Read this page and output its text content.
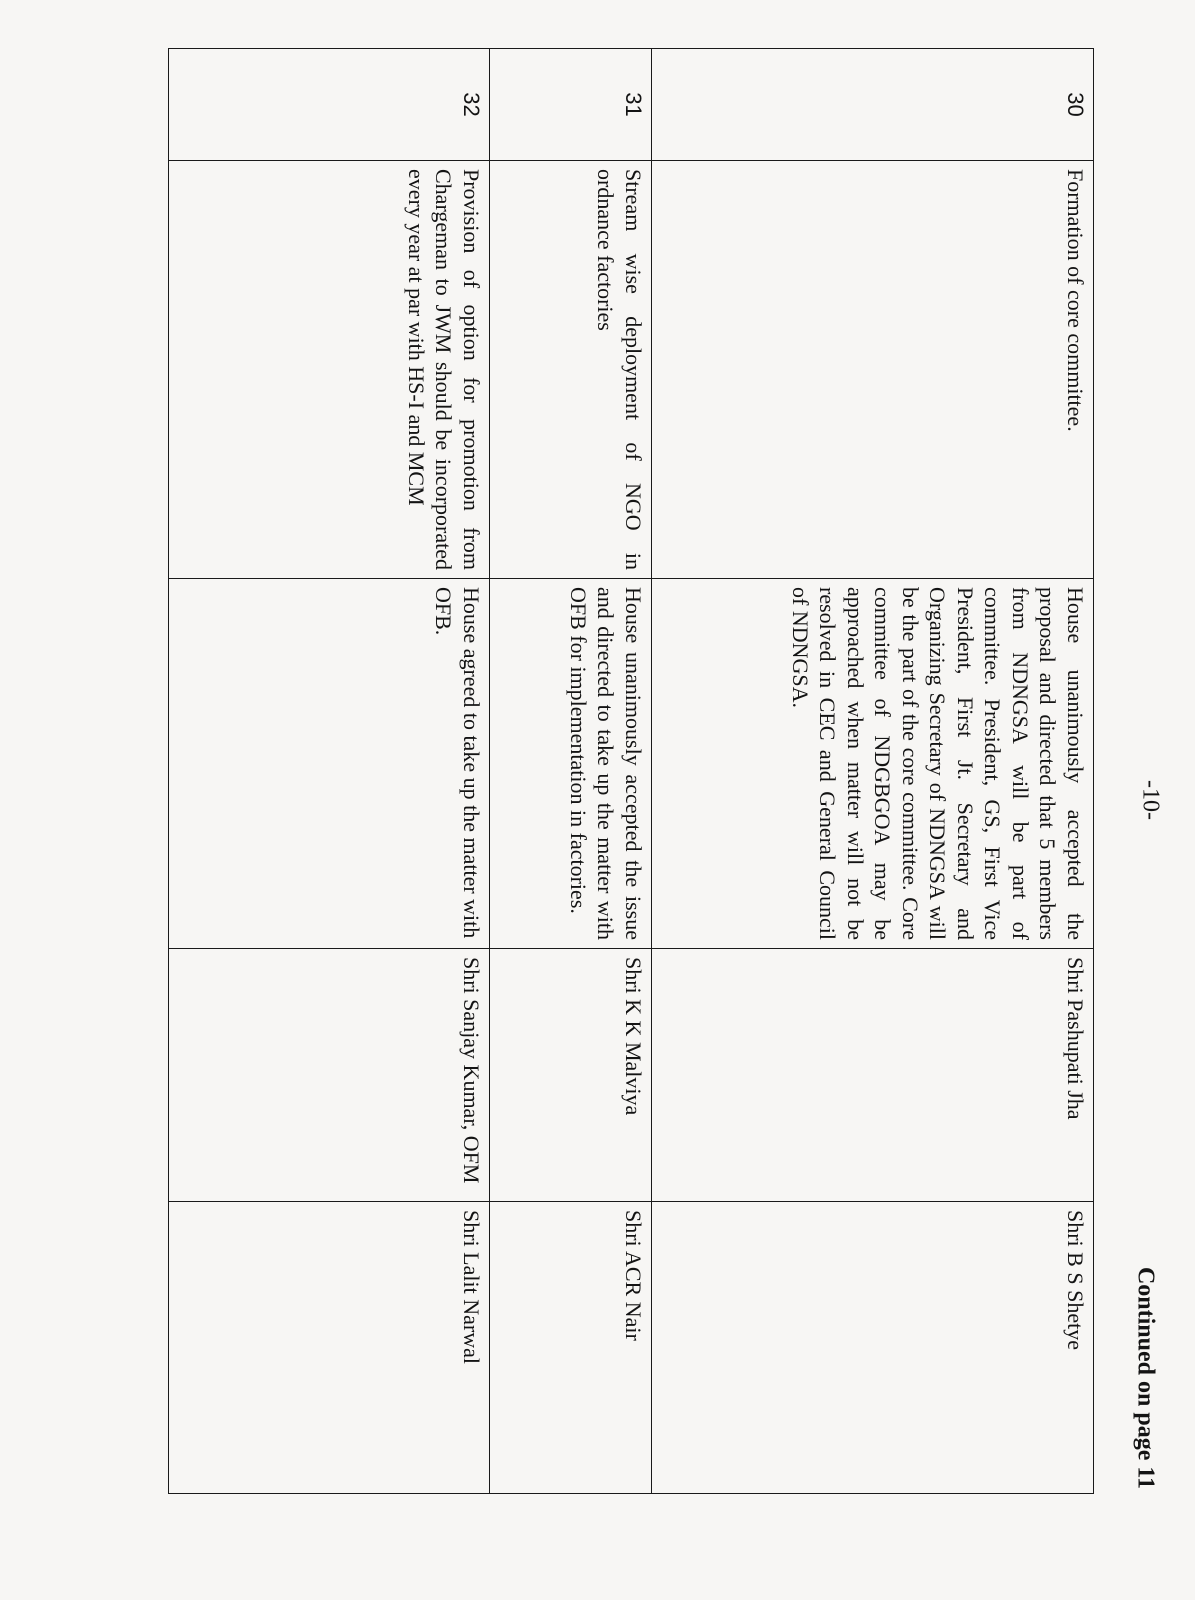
-10-
30	Formation of core committee.	House unanimously accepted the proposal and directed that 5 members from NDNGSA will be part of committee. President, GS, First Vice President, First Jt. Secretary and Organizing Secretary of NDNGSA will be the part of the core committee. Core committee of NDGBGOA may be approached when matter will not be resolved in CEC and General Council of NDNGSA.	Shri Pashupati Jha	Shri B S Shetye
31	Stream wise deployment of NGO in ordnance factories	House unanimously accepted the issue and directed to take up the matter with OFB for implementation in factories.	Shri K K Malviya	Shri ACR Nair
32	Provision of option for promotion from Chargeman to JWM should be incorporated every year at par with HS-I and MCM	House agreed to take up the matter with OFB.	Shri Sanjay Kumar, OFM	Shri Lalit Narwal	Continued on page 11
